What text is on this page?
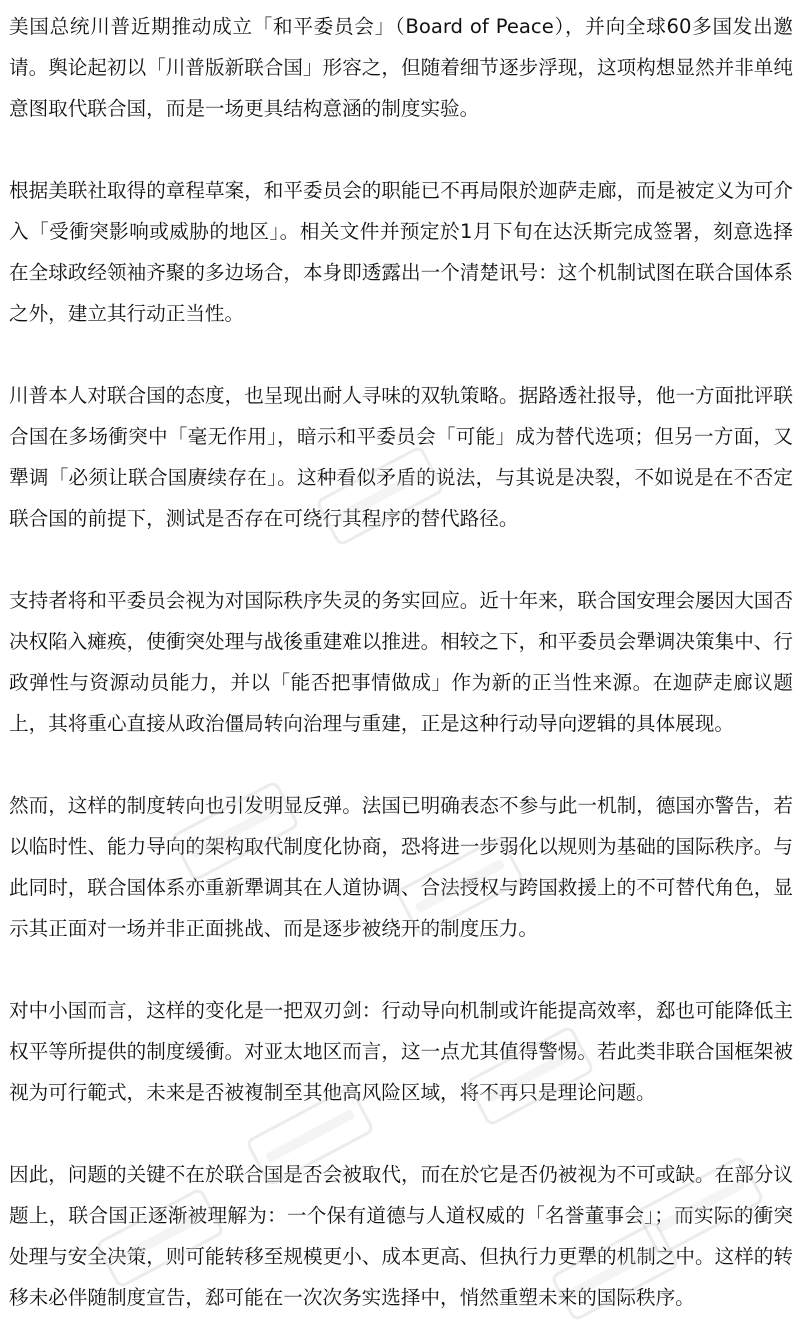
美国总统川普近期推动成立「和平委员会」（Board of Peace），并向全球60多国发出邀请。舆论起初以「川普版新联合国」形容之，但随着细节逐步浮现，这项构想显然并非单纯意图取代联合国，而是一场更具结构意涵的制度实验。

根据美联社取得的章程草案，和平委员会的职能已不再局限於迦萨走廊，而是被定义为可介入「受衝突影响或威胁的地区」。相关文件并预定於1月下旬在达沃斯完成签署，刻意选择在全球政经领袖齐聚的多边场合，本身即透露出一个清楚讯号：这个机制试图在联合国体系之外，建立其行动正当性。

川普本人对联合国的态度，也呈现出耐人寻味的双轨策略。据路透社报导，他一方面批评联合国在多场衝突中「毫无作用」，暗示和平委员会「可能」成为替代选项；但另一方面，又犟调「必须让联合国赓续存在」。这种看似矛盾的说法，与其说是决裂，不如说是在不否定联合国的前提下，测试是否存在可绕行其程序的替代路径。

支持者将和平委员会视为对国际秩序失灵的务实回应。近十年来，联合国安理会屡因大国否决权陷入瘫痪，使衝突处理与战後重建难以推进。相较之下，和平委员会犟调决策集中、行政弹性与资源动员能力，并以「能否把事情做成」作为新的正当性来源。在迦萨走廊议题上，其将重心直接从政治僵局转向治理与重建，正是这种行动导向逻辑的具体展现。

然而，这样的制度转向也引发明显反弹。法国已明确表态不参与此一机制，德国亦警告，若以临时性、能力导向的架构取代制度化协商，恐将进一步弱化以规则为基础的国际秩序。与此同时，联合国体系亦重新犟调其在人道协调、合法授权与跨国救援上的不可替代角色，显示其正面对一场并非正面挑战、而是逐步被绕开的制度压力。

对中小国而言，这样的变化是一把双刃剑：行动导向机制或许能提高效率，郄也可能降低主权平等所提供的制度缓衝。对亚太地区而言，这一点尤其值得警惕。若此类非联合国框架被视为可行範式，未来是否被複制至其他高风险区域，将不再只是理论问题。

因此，问题的关键不在於联合国是否会被取代，而在於它是否仍被视为不可或缺。在部分议题上，联合国正逐渐被理解为：一个保有道德与人道权威的「名誉董事会」；而实际的衝突处理与安全决策，则可能转移至规模更小、成本更高、但执行力更犟的机制之中。这样的转移未必伴随制度宣告，郄可能在一次次务实选择中，悄然重塑未来的国际秩序。
